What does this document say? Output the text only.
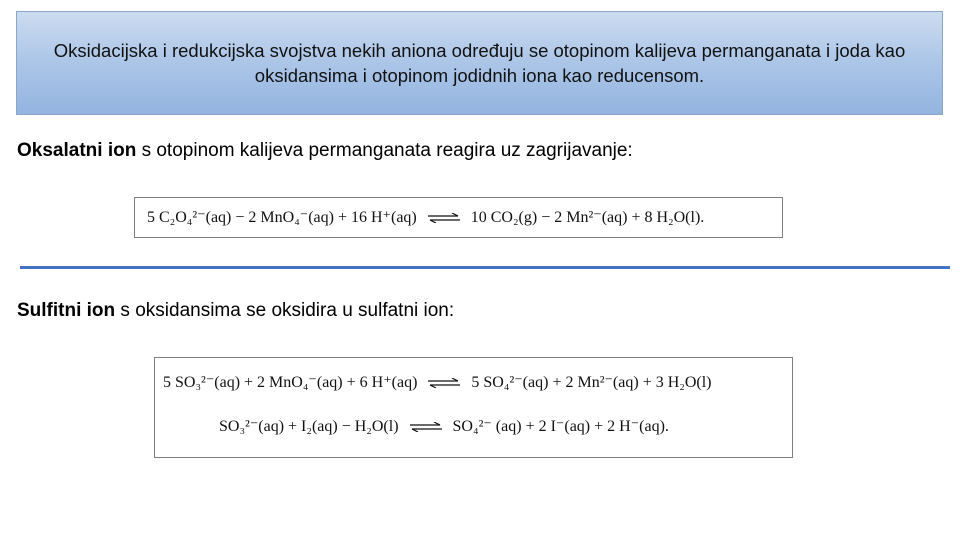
Oksidacijska i redukcijska svojstva nekih aniona određuju se otopinom kalijeva permanganata i joda kao oksidansima i otopinom jodidnih iona kao reducensom.
Oksalatni ion s otopinom kalijeva permanganata reagira uz zagrijavanje:
5 C₂O₄²⁻(aq) − 2 MnO₄⁻(aq) + 16 H⁺(aq) ⇌ 10 CO₂(g) − 2 Mn²⁻(aq) + 8 H₂O(l).
Sulfitni ion s oksidansima se oksidira u sulfatni ion:
5 SO₃²⁻(aq) + 2 MnO₄⁻(aq) + 6 H⁺(aq) ⇌ 5 SO₄²⁻(aq) + 2 Mn²⁻(aq) + 3 H₂O(l)
SO₃²⁻(aq) + I₂(aq) − H₂O(l) ⇌ SO₄²⁻ (aq) + 2 I⁻(aq) + 2 H⁻(aq).
